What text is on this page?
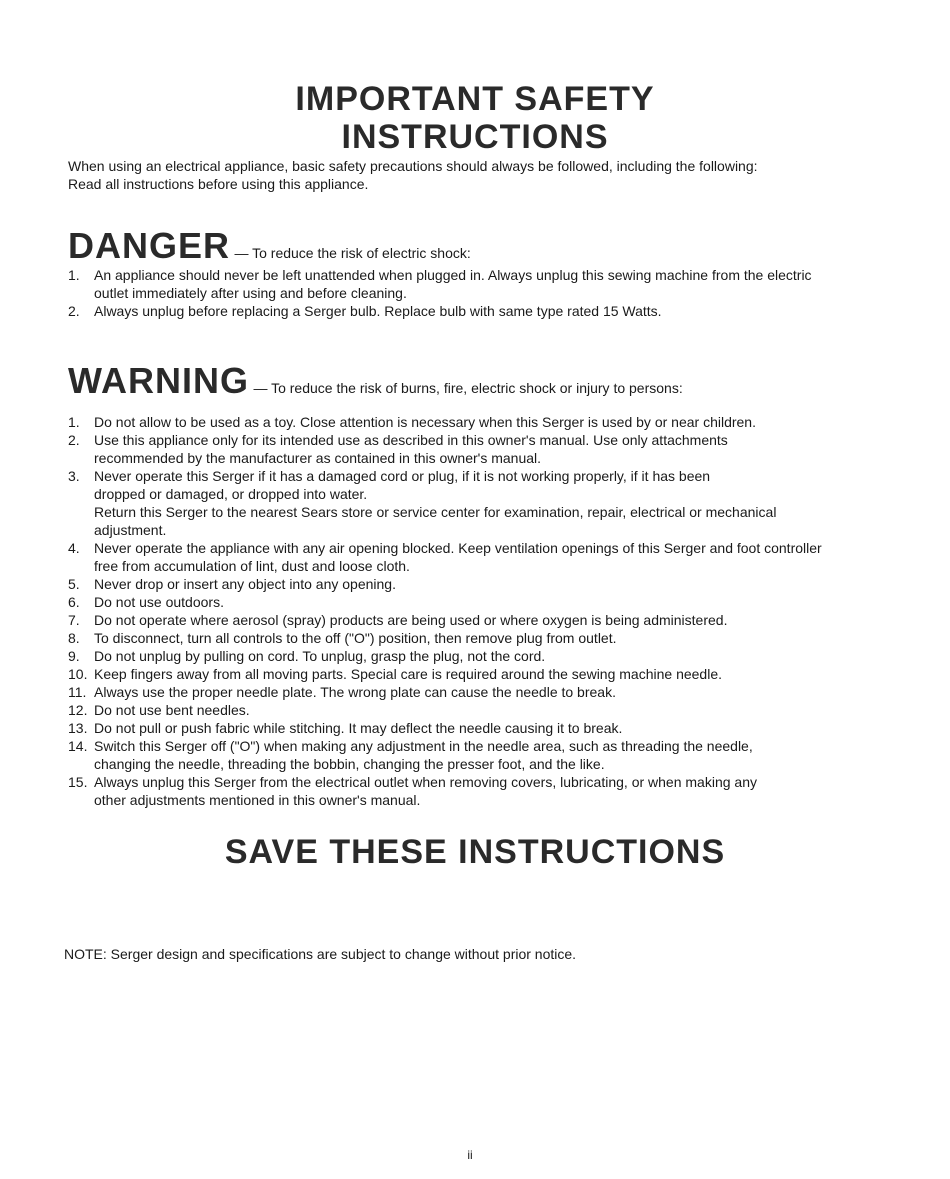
IMPORTANT SAFETY
INSTRUCTIONS
When using an electrical appliance, basic safety precautions should always be followed, including the following:
Read all instructions before using this appliance.
DANGER — To reduce the risk of electric shock:
1.	An appliance should never be left unattended when plugged in. Always unplug this sewing machine from the electric
outlet immediately after using and before cleaning.
2.	Always unplug before replacing a Serger bulb. Replace bulb with same type rated 15 Watts.
WARNING — To reduce the risk of burns, fire, electric shock or injury to persons:
1.	Do not allow to be used as a toy. Close attention is necessary when this Serger is used by or near children.
2.	Use this appliance only for its intended use as described in this owner's manual. Use only attachments
recommended by the manufacturer as contained in this owner's manual.
3.	Never operate this Serger if it has a damaged cord or plug, if it is not working properly, if it has been
dropped or damaged, or dropped into water.
Return this Serger to the nearest Sears store or service center for examination, repair, electrical or mechanical
adjustment.
4.	Never operate the appliance with any air opening blocked. Keep ventilation openings of this Serger and foot controller
free from accumulation of lint, dust and loose cloth.
5.	Never drop or insert any object into any opening.
6.	Do not use outdoors.
7.	Do not operate where aerosol (spray) products are being used or where oxygen is being administered.
8.	To disconnect, turn all controls to the off ("O") position, then remove plug from outlet.
9.	Do not unplug by pulling on cord. To unplug, grasp the plug, not the cord.
10. Keep fingers away from all moving parts. Special care is required around the sewing machine needle.
11. Always use the proper needle plate. The wrong plate can cause the needle to break.
12. Do not use bent needles.
13. Do not pull or push fabric while stitching. It may deflect the needle causing it to break.
14. Switch this Serger off ("O") when making any adjustment in the needle area, such as threading the needle,
changing the needle, threading the bobbin, changing the presser foot, and the like.
15. Always unplug this Serger from the electrical outlet when removing covers, lubricating, or when making any
other adjustments mentioned in this owner's manual.
SAVE THESE INSTRUCTIONS
NOTE: Serger design and specifications are subject to change without prior notice.
ii
